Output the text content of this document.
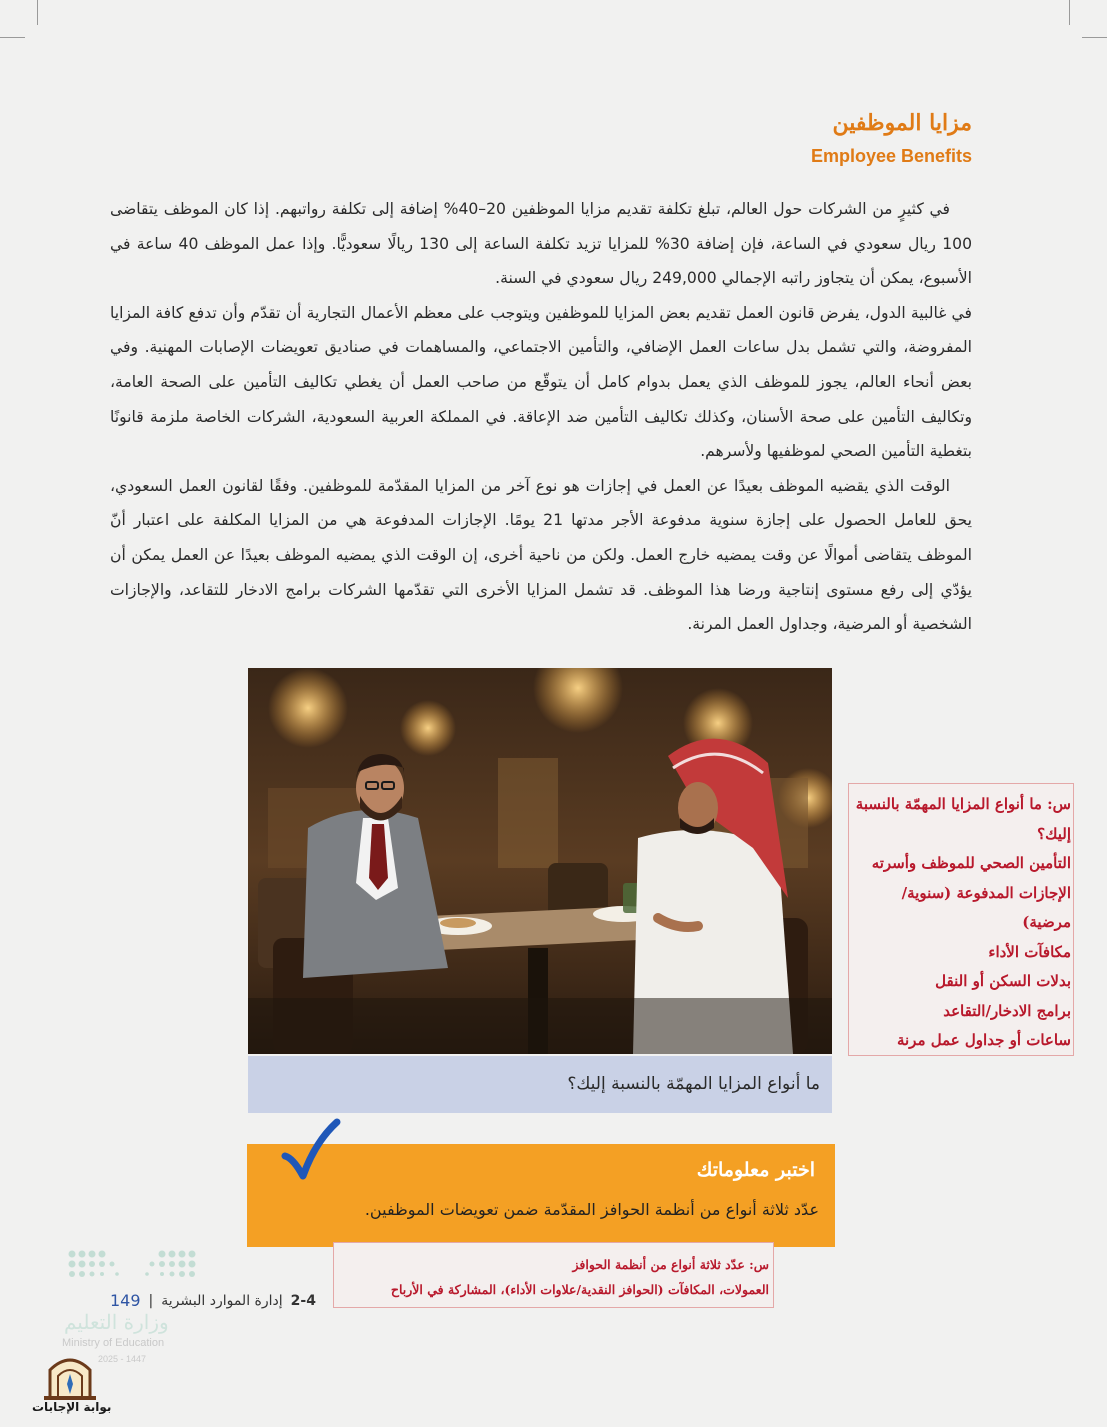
مزايا الموظفين
Employee Benefits

في كثيرٍ من الشركات حول العالم، تبلغ تكلفة تقديم مزايا الموظفين 20–40% إضافة إلى تكلفة رواتبهم. إذا كان الموظف يتقاضى 100 ريال سعودي في الساعة، فإن إضافة 30% للمزايا تزيد تكلفة الساعة إلى 130 ريالًا سعوديًّا. وإذا عمل الموظف 40 ساعة في الأسبوع، يمكن أن يتجاوز راتبه الإجمالي 249,000 ريال سعودي في السنة.

في غالبية الدول، يفرض قانون العمل تقديم بعض المزايا للموظفين ويتوجب على معظم الأعمال التجارية أن تقدّم وأن تدفع كافة المزايا المفروضة، والتي تشمل بدل ساعات العمل الإضافي، والتأمين الاجتماعي، والمساهمات في صناديق تعويضات الإصابات المهنية. وفي بعض أنحاء العالم، يجوز للموظف الذي يعمل بدوام كامل أن يتوقّع من صاحب العمل أن يغطي تكاليف التأمين على الصحة العامة، وتكاليف التأمين على صحة الأسنان، وكذلك تكاليف التأمين ضد الإعاقة. في المملكة العربية السعودية، الشركات الخاصة ملزمة قانونًا بتغطية التأمين الصحي لموظفيها ولأسرهم.

الوقت الذي يقضيه الموظف بعيدًا عن العمل في إجازات هو نوع آخر من المزايا المقدّمة للموظفين. وفقًا لقانون العمل السعودي، يحق للعامل الحصول على إجازة سنوية مدفوعة الأجر مدتها 21 يومًا. الإجازات المدفوعة هي من المزايا المكلفة على اعتبار أنّ الموظف يتقاضى أموالًا عن وقت يمضيه خارج العمل. ولكن من ناحية أخرى، إن الوقت الذي يمضيه الموظف بعيدًا عن العمل يمكن أن يؤدّي إلى رفع مستوى إنتاجية ورضا هذا الموظف. قد تشمل المزايا الأخرى التي تقدّمها الشركات برامج الادخار للتقاعد، والإجازات الشخصية أو المرضية، وجداول العمل المرنة.

ما أنواع المزايا المهمّة بالنسبة إليك؟
س: ما أنواع المزايا المهمّة بالنسبة
إليك؟
التأمين الصحي للموظف وأسرته
الإجازات المدفوعة (سنوية/
مرضية)
مكافآت الأداء
بدلات السكن أو النقل
برامج الادخار/التقاعد
ساعات أو جداول عمل مرنة
اختبر معلوماتك
عدّد ثلاثة أنواع من أنظمة الحوافز المقدّمة ضمن تعويضات الموظفين.
س: عدّد ثلاثة أنواع من أنظمة الحوافز
العمولات، المكافآت (الحوافز النقدية/علاوات الأداء)، المشاركة في الأرباح
وزارة التعليم
Ministry of Education
2025 - 1447
2-4
إدارة الموارد البشرية
|
149
بوابة الإجابات
